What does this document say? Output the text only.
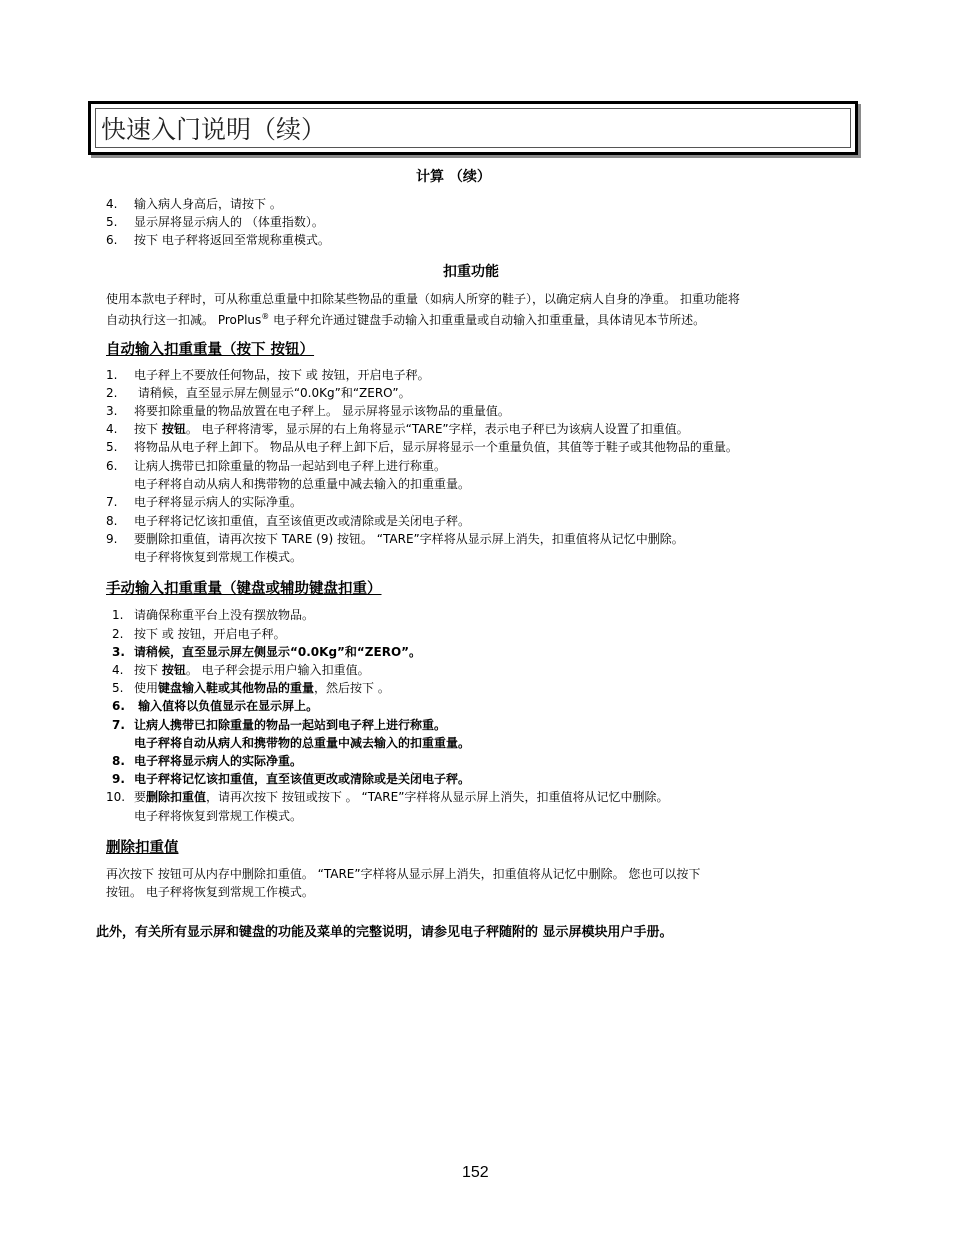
快速入门说明（续）
计算 （续）
4. 输入病人身高后，请按下 。
5. 显示屏将显示病人的 （体重指数）。
6. 按下 电子秤将返回至常规称重模式。
扣重功能
使用本款电子秤时，可从称重总重量中扣除某些物品的重量（如病人所穿的鞋子），以确定病人自身的净重。 扣重功能将
自动执行这一扣减。 ProPlus® 电子秤允许通过键盘手动输入扣重重量或自动输入扣重重量，具体请见本节所述。
自动输入扣重重量（按下 按钮）
1. 电子秤上不要放任何物品，按下 或 按钮，开启电子秤。
2. 请稍候，直至显示屏左侧显示“0.0Kg”和“ZERO”。
3. 将要扣除重量的物品放置在电子秤上。 显示屏将显示该物品的重量值。
4. 按下 按钮。 电子秤将清零，显示屏的右上角将显示“TARE”字样，表示电子秤已为该病人设置了扣重值。
5. 将物品从电子秤上卸下。 物品从电子秤上卸下后，显示屏将显示一个重量负值，其值等于鞋子或其他物品的重量。
6. 让病人携带已扣除重量的物品一起站到电子秤上进行称重。
电子秤将自动从病人和携带物的总重量中减去输入的扣重重量。
7. 电子秤将显示病人的实际净重。
8. 电子秤将记忆该扣重值，直至该值更改或清除或是关闭电子秤。
9. 要删除扣重值，请再次按下 TARE (9) 按钮。 “TARE”字样将从显示屏上消失，扣重值将从记忆中删除。
电子秤将恢复到常规工作模式。
手动输入扣重重量（键盘或辅助键盘扣重）
1. 请确保称重平台上没有摆放物品。
2. 按下 或 按钮，开启电子秤。
3. 请稍候，直至显示屏左侧显示“0.0Kg”和“ZERO”。
4. 按下 按钮。 电子秤会提示用户输入扣重值。
5. 使用键盘输入鞋或其他物品的重量，然后按下 。
6. 输入值将以负值显示在显示屏上。
7. 让病人携带已扣除重量的物品一起站到电子秤上进行称重。
电子秤将自动从病人和携带物的总重量中减去输入的扣重重量。
8. 电子秤将显示病人的实际净重。
9. 电子秤将记忆该扣重值，直至该值更改或清除或是关闭电子秤。
10. 要删除扣重值，请再次按下 按钮或按下 。 “TARE”字样将从显示屏上消失，扣重值将从记忆中删除。
电子秤将恢复到常规工作模式。
删除扣重值
再次按下 按钮可从内存中删除扣重值。 “TARE”字样将从显示屏上消失，扣重值将从记忆中删除。 您也可以按下
按钮。 电子秤将恢复到常规工作模式。
此外，有关所有显示屏和键盘的功能及菜单的完整说明，请参见电子秤随附的 显示屏模块用户手册。
152
